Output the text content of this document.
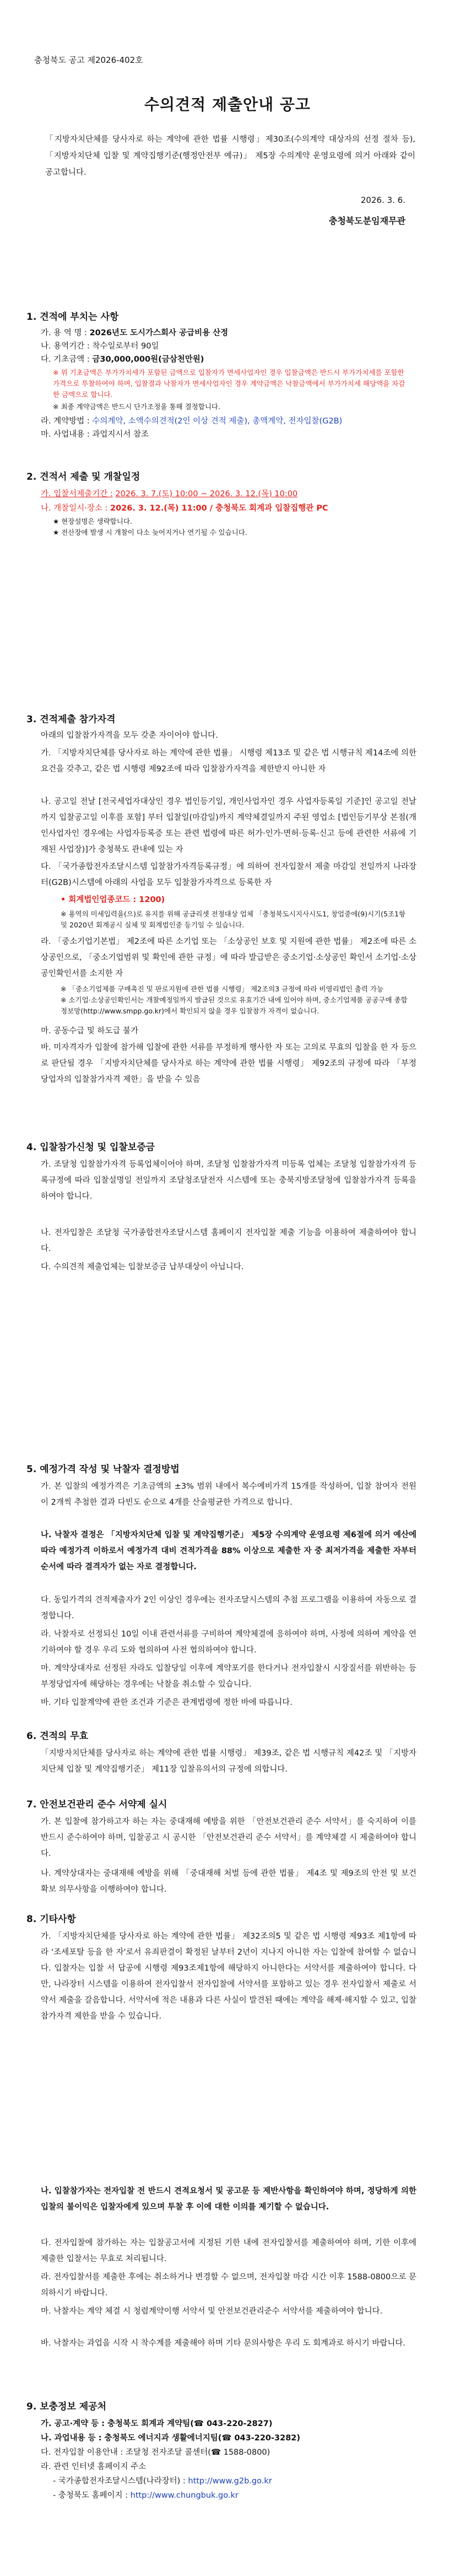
충청북도 공고 제2026-402호
수의견적 제출안내 공고
「지방자치단체를 당사자로 하는 계약에 관한 법률 시행령」제30조(수의계약 대상자의 선정 절차 등), 「지방자치단체 입찰 및 계약집행기준(행정안전부 예규)」 제5장 수의계약 운영요령에 의거 아래와 같이 공고합니다.
2026. 3. 6.
충청북도분임재무관
1. 견적에 부치는 사항
가. 용 역 명 : 2026년도 도시가스회사 공급비용 산정
나. 용역기간 : 착수일로부터 90일
다. 기초금액 : 금30,000,000원(금삼천만원)
※ 위 기초금액은 부가가치세가 포함된 금액으로 입찰자가 면세사업자인 경우 입찰금액은 반드시 부가가치세를 포함한 가격으로 투찰하여야 하며, 입찰결과 낙찰자가 면세사업자인 경우 계약금액은 낙찰금액에서 부가가치세 해당액을 차감한 금액으로 합니다.
※ 최종 계약금액은 반드시 단가조정을 통해 결정합니다.
라. 계약방법 : 수의계약, 소액수의견적(2인 이상 견적 제출), 총액계약, 전자입찰(G2B)
마. 사업내용 : 과업지시서 참조
2. 견적서 제출 및 개찰일정
가. 입찰서제출기간 : 2026. 3. 7.(토) 10:00 ~ 2026. 3. 12.(목) 10:00
나. 개찰일시·장소 : 2026. 3. 12.(목) 11:00 / 충청북도 회계과 입찰집행관 PC
★ 현장설명은 생략합니다.
★ 전산장애 발생 시 개찰이 다소 늦어지거나 연기될 수 있습니다.
3. 견적제출 참가자격
아래의 입찰참가자격을 모두 갖춘 자이어야 합니다.
가. 「지방자치단체를 당사자로 하는 계약에 관한 법률」 시행령 제13조 및 같은 법 시행규칙 제14조에 의한 요건을 갖추고, 같은 법 시행령 제92조에 따라 입찰참가자격을 제한받지 아니한 자
나. 공고일 전날 [전국세업자대상인 경우 법인등기일, 개인사업자인 경우 사업자등록일 기준]인 공고일 전날까지 입찰공고일 이후를 포함] 부터 입찰일(마감일)까지 계약체결일까지 주된 영업소 [법인등기부상 본점(개인사업자인 경우에는 사업자등록증 또는 관련 법령에 따른 허가·인가·면허·등록·신고 등에 관련한 서류에 기재된 사업장)]가 충청북도 관내에 있는 자
다. 「국가종합전자조달시스템 입찰참가자격등록규정」에 의하여 전자입찰서 제출 마감일 전일까지 나라장터(G2B)시스템에 아래의 사업을 모두 입찰참가자격으로 등록한 자
• 회계법인업종코드 : 1200)
※ 용역의 미세입력을(으)로 유지를 위해 공급리셋 전정대상 업체 「충청북도시지사시도1, 창업중에(9)시기(5조1항 및 2020년 회계공시 실체 및 회계법인중 등기일 수 있습니다.
라. 「중소기업기본법」 제2조에 따른 소기업 또는 「소상공인 보호 및 지원에 관한 법률」 제2조에 따른 소상공인으로, 「중소기업범위 및 확인에 관한 규정」에 따라 발급받은 중소기업·소상공인 확인서 소기업·소상공인확인서를 소지한 자
※ 「중소기업제품 구매촉진 및 판로지원에 관한 법률 시행령」 제2조의3 규정에 따라 비영리법인 출력 가능
※ 소기업·소상공인확인서는 개찰예정일까지 발급된 것으로 유효기간 내에 있어야 하며, 중소기업제품 공공구매 종합정보망(http://www.smpp.go.kr)에서 확인되지 않을 경우 입찰참가 자격이 없습니다.
마. 공동수급 및 하도급 불가
바. 미자격자가 입찰에 참가해 입찰에 관한 서류를 부정하게 행사한 자 또는 고의로 무효의 입찰을 한 자 등으로 판단될 경우 「지방자치단체를 당사자로 하는 계약에 관한 법률 시행령」 제92조의 규정에 따라 「부정당업자의 입찰참가자격 제한」을 받을 수 있음
4. 입찰참가신청 및 입찰보증금
가. 조달청 입찰참가자격 등록업체이어야 하며, 조달청 입찰참가자격 미등록 업체는 조달청 입찰참가자격 등록규정에 따라 입찰설명일 전일까지 조달청조달전자 시스템에 또는 충북지방조달청에 입찰참가자격 등록을 하여야 합니다.
나. 전자입찰은 조달청 국가종합전자조달시스템 홈페이지 전자입찰 제출 기능을 이용하여 제출하여야 합니다.
다. 수의견적 제출업체는 입찰보증금 납부대상이 아닙니다.
5. 예정가격 작성 및 낙찰자 결정방법
가. 본 입찰의 예정가격은 기초금액의 ±3% 범위 내에서 복수예비가격 15개를 작성하여, 입찰 참여자 전원이 2개씩 추첨한 결과 다빈도 순으로 4개를 산술평균한 가격으로 합니다.
나. 낙찰자 결정은 「지방자치단체 입찰 및 계약집행기준」 제5장 수의계약 운영요령 제6절에 의거 예산에 따라 예정가격 이하로서 예정가격 대비 견적가격을 88% 이상으로 제출한 자 중 최저가격을 제출한 자부터 순서에 따라 결격자가 없는 자로 결정합니다.
다. 동일가격의 견적제출자가 2인 이상인 경우에는 전자조달시스템의 추첨 프로그램을 이용하여 자동으로 결정합니다.
라. 낙찰자로 선정되신 10일 이내 관련서류를 구비하여 계약체결에 응하여야 하며, 사정에 의하여 계약을 연기하여야 할 경우 우리 도와 협의하여 사전 협의하여야 합니다.
마. 계약상대자로 선정된 자라도 입찰당일 이후에 계약포기를 한다거나 전자입찰시 시장질서를 위반하는 등 부정당업자에 해당하는 경우에는 낙찰을 취소할 수 있습니다.
바. 기타 입찰계약에 관한 조건과 기준은 관계법령에 정한 바에 따릅니다.
6. 견적의 무효
「지방자치단체를 당사자로 하는 계약에 관한 법률 시행령」 제39조, 같은 법 시행규칙 제42조 및 「지방자치단체 입찰 및 계약집행기준」 제11장 입찰유의서의 규정에 의합니다.
7. 안전보건관리 준수 서약제 실시
가. 본 입찰에 참가하고자 하는 자는 중대재해 예방을 위한 「안전보건관리 준수 서약서」를 숙지하여 이를 반드시 준수하여야 하며, 입찰공고 시 공시한 「안전보건관리 준수 서약서」를 계약체결 시 제출하여야 합니다.
나. 계약상대자는 중대재해 예방을 위해 「중대재해 처벌 등에 관한 법률」 제4조 및 제9조의 안전 및 보건 확보 의무사항을 이행하여야 합니다.
8. 기타사항
가. 「지방자치단체를 당사자로 하는 계약에 관한 법률」 제32조의5 및 같은 법 시행령 제93조 제1항에 따라 '조세포탈 등을 한 자'로서 유죄판결이 확정된 날부터 2년이 지나지 아니한 자는 입찰에 참여할 수 없습니다. 입찰자는 입찰 서 답공에 시행령 제93조제1항에 해당하지 아니한다는 서약서를 제출하여야 합니다. 다만, 나라장터 시스템을 이용하여 전자입찰서 전자입찰에 서약서를 포함하고 있는 경우 전자입찰서 제출로 서약서 제출을 갈음합니다. 서약서에 적은 내용과 다른 사실이 발견된 때에는 계약을 해제·해지할 수 있고, 입찰 참가자격 제한을 받을 수 있습니다.
나. 입찰참가자는 전자입찰 전 반드시 견적요청서 및 공고문 등 제반사항을 확인하여야 하며, 정당하게 의한 입찰의 불이익은 입찰자에게 있으며 투찰 후 이에 대한 이의를 제기할 수 없습니다.
다. 전자입찰에 참가하는 자는 입찰공고서에 지정된 기한 내에 전자입찰서를 제출하여야 하며, 기한 이후에 제출한 입찰서는 무효로 처리됩니다.
라. 전자입찰서를 제출한 후에는 취소하거나 변경할 수 없으며, 전자입찰 마감 시간 이후 1588-0800으로 문의하시기 바랍니다.
마. 낙찰자는 계약 체결 시 청렴계약이행 서약서 및 안전보건관리준수 서약서를 제출하여야 합니다.
바. 낙찰자는 과업을 시작 시 착수계를 제출해야 하며 기타 문의사항은 우리 도 회계과로 하시기 바랍니다.
9. 보충정보 제공처
가. 공고·계약 등 : 충청북도 회계과 계약팀(☎ 043-220-2827)
나. 과업내용 등 : 충청북도 에너지과 생활에너지팀(☎ 043-220-3282)
다. 전자입찰 이용안내 : 조달청 전자조달 콜센터(☎ 1588-0800)
라. 관련 인터넷 홈페이지 주소
- 국가종합전자조달시스템(나라장터) : http://www.g2b.go.kr
- 충청북도 홈페이지 : http://www.chungbuk.go.kr
